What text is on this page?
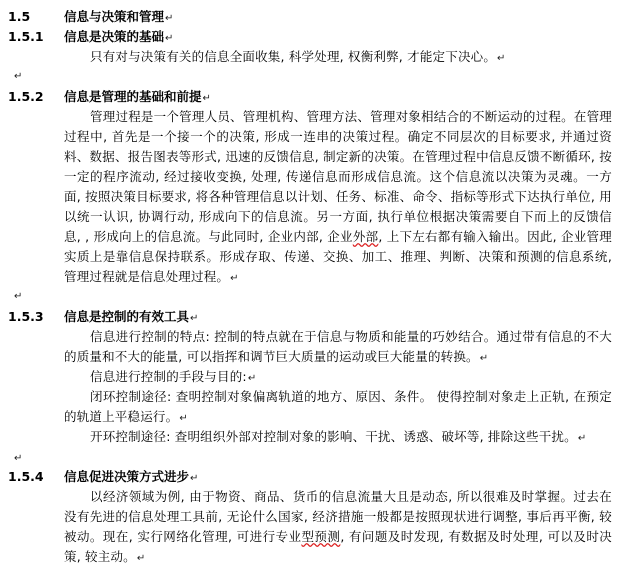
1.5	信息与决策和管理↵
1.5.1 信息是决策的基础↵
只有对与决策有关的信息全面收集, 科学处理, 权衡利弊, 才能定下决心。↵
↵
1.5.2 信息是管理的基础和前提↵
管理过程是一个管理人员、管理机构、管理方法、管理对象相结合的不断运动的过程。在管理过程中, 首先是一个接一个的决策, 形成一连串的决策过程。确定不同层次的目标要求, 并通过资料、数据、报告图表等形式, 迅速的反馈信息, 制定新的决策。在管理过程中信息反馈不断循环, 按一定的程序流动, 经过接收变换, 处理, 传递信息而形成信息流。这个信息流以决策为灵魂。一方面, 按照决策目标要求, 将各种管理信息以计划、任务、标准、命令、指标等形式下达执行单位, 用以统一认识, 协调行动, 形成向下的信息流。另一方面, 执行单位根据决策需要自下而上的反馈信息, , 形成向上的信息流。与此同时, 企业内部, 企业外部, 上下左右都有输入输出。因此, 企业管理实质上是靠信息保持联系。形成存取、传递、交换、加工、推理、判断、决策和预测的信息系统, 管理过程就是信息处理过程。↵
↵
1.5.3 信息是控制的有效工具↵
信息进行控制的特点: 控制的特点就在于信息与物质和能量的巧妙结合。通过带有信息的不大的质量和不大的能量, 可以指挥和调节巨大质量的运动或巨大能量的转换。↵
信息进行控制的手段与目的:↵
闭环控制途径: 查明控制对象偏离轨道的地方、原因、条件。 使得控制对象走上正轨, 在预定的轨道上平稳运行。↵
开环控制途径: 查明组织外部对控制对象的影响、干扰、诱惑、破坏等, 排除这些干扰。↵
↵
1.5.4 信息促进决策方式进步↵
以经济领域为例, 由于物资、商品、货币的信息流量大且是动态, 所以很难及时掌握。过去在没有先进的信息处理工具前, 无论什么国家, 经济措施一般都是按照现状进行调整, 事后再平衡, 较被动。现在, 实行网络化管理, 可进行专业型预测, 有问题及时发现, 有数据及时处理, 可以及时决策, 较主动。↵
